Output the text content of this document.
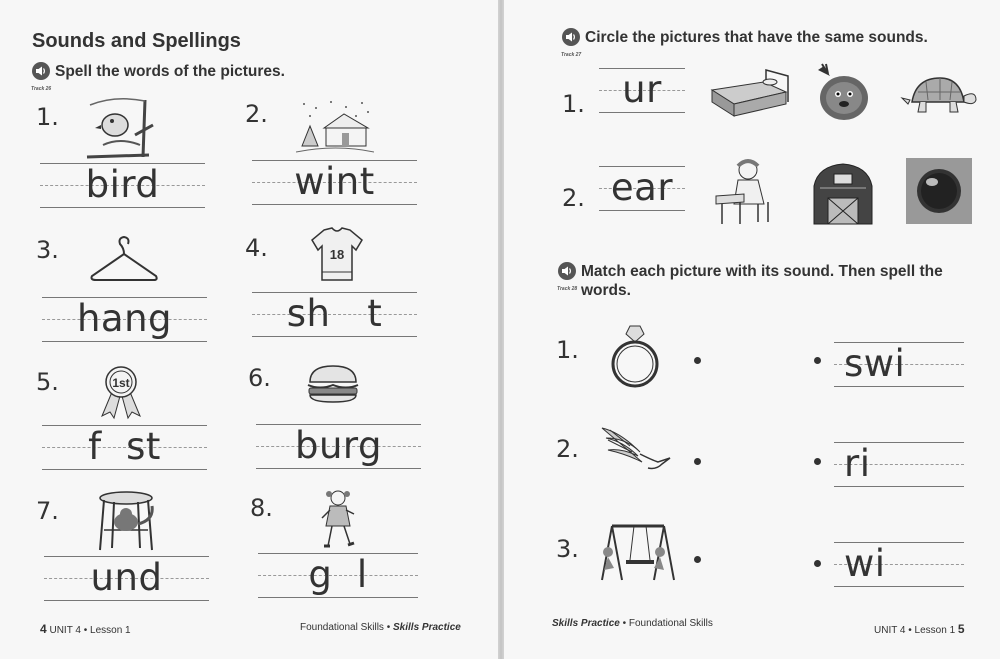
Sounds and Spellings
Track 26
Spell the words of the pictures.
1.
bird
2.
wint
3.
hang
4.	18
sh   t
5.	1st
f  st
6.
burg
7.
und
8.
g  l
4 UNIT 4 • Lesson 1	Foundational Skills • Skills Practice
Track 27
Circle the pictures that have the same sounds.
1.	ur
2. ear
Track 28
Match each picture with its sound. Then spell the words.
1.	swi
2.	ri
3.	wi
Skills Practice • Foundational Skills
UNIT 4 • Lesson 1 5
